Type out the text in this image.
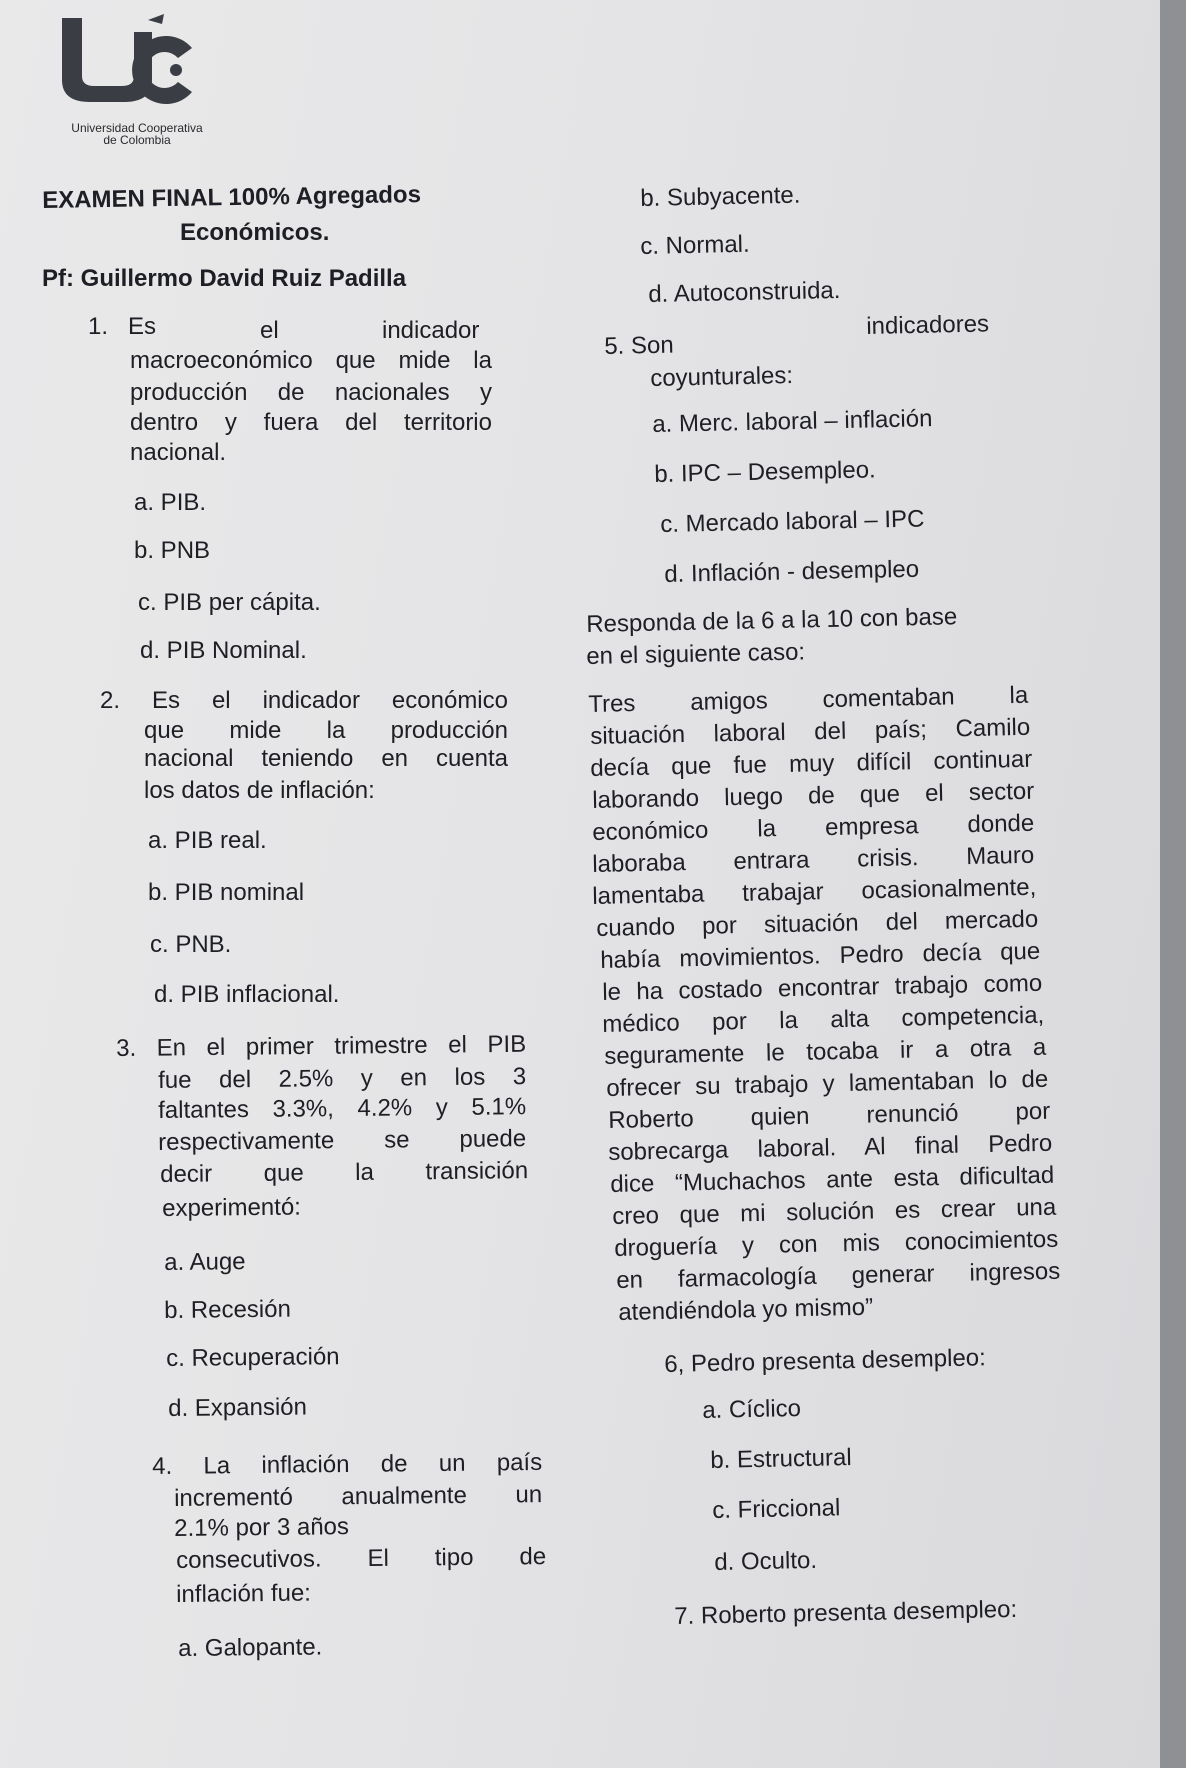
Universidad Cooperativa
de Colombia
EXAMEN FINAL 100% Agregados
Económicos.
Pf: Guillermo David Ruiz Padilla
1. Es	el	indicador
macroeconómico que mide la
producción de nacionales y
dentro y fuera del territorio
nacional.
a. PIB.
b. PNB
c. PIB per cápita.
d. PIB Nominal.
2. Es el indicador económico
que mide la producción
nacional teniendo en cuenta
los datos de inflación:
a. PIB real.
b. PIB nominal
c. PNB.
d. PIB inflacional.
3. En el primer trimestre el PIB
fue del 2.5% y en los 3
faltantes 3.3%, 4.2% y 5.1%
respectivamente se puede
decir que la transición
experimentó:
a. Auge
b. Recesión
c. Recuperación
d. Expansión
4. La inflación de un país
incrementó anualmente un
2.1% por 3 años
consecutivos. El tipo de
inflación fue:
a. Galopante.
b. Subyacente.
c. Normal.
d. Autoconstruida.
5. Son
indicadores
coyunturales:
a. Merc. laboral – inflación
b. IPC – Desempleo.
c. Mercado laboral – IPC
d. Inflación - desempleo
Responda de la 6 a la 10 con base
en el siguiente caso:
Tres amigos comentaban la
situación laboral del país; Camilo
decía que fue muy difícil continuar
laborando luego de que el sector
económico la empresa donde
laboraba entrara crisis. Mauro
lamentaba trabajar ocasionalmente,
cuando por situación del mercado
había movimientos. Pedro decía que
le ha costado encontrar trabajo como
médico por la alta competencia,
seguramente le tocaba ir a otra a
ofrecer su trabajo y lamentaban lo de
Roberto quien renunció por
sobrecarga laboral. Al final Pedro
dice “Muchachos ante esta dificultad
creo que mi solución es crear una
droguería y con mis conocimientos
en farmacología generar ingresos
atendiéndola yo mismo”
6, Pedro presenta desempleo:
a. Cíclico
b. Estructural
c. Friccional
d. Oculto.
7. Roberto presenta desempleo:
